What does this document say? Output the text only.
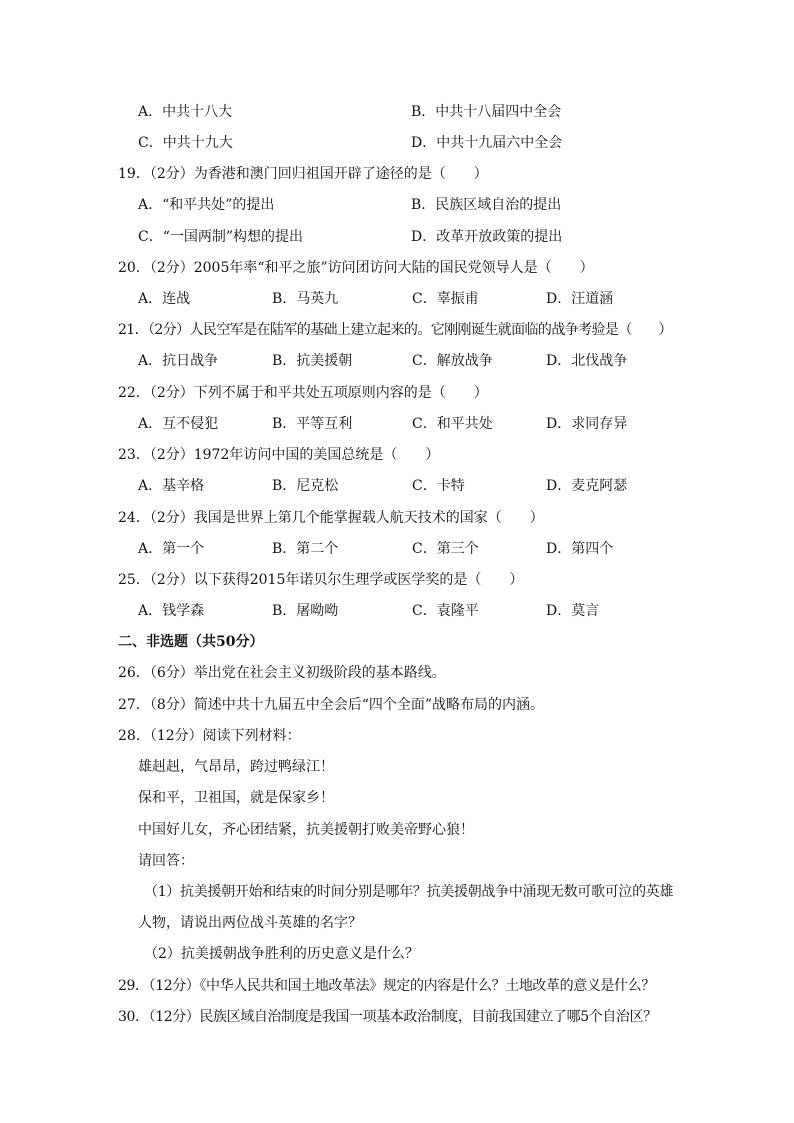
A．中共十八大	B．中共十八届四中全会
C．中共十九大	D．中共十九届六中全会
19．（2分）为香港和澳门回归祖国开辟了途径的是（　　）
A．“和平共处”的提出	B．民族区域自治的提出
C．“一国两制”构想的提出	D．改革开放政策的提出
20．（2分）2005年率“和平之旅”访问团访问大陆的国民党领导人是（　　）
A．连战	B．马英九	C．辜振甫	D．汪道涵
21．（2分）人民空军是在陆军的基础上建立起来的。它刚刚诞生就面临的战争考验是（　　）
A．抗日战争	B．抗美援朝	C．解放战争	D．北伐战争
22．（2分）下列不属于和平共处五项原则内容的是（　　）
A．互不侵犯	B．平等互利	C．和平共处	D．求同存异
23．（2分）1972年访问中国的美国总统是（　　）
A．基辛格	B．尼克松	C．卡特	D．麦克阿瑟
24．（2分）我国是世界上第几个能掌握载人航天技术的国家（　　）
A．第一个	B．第二个	C．第三个	D．第四个
25．（2分）以下获得2015年诺贝尔生理学或医学奖的是（　　）
A．钱学森	B．屠呦呦	C．袁隆平	D．莫言
二、非选题（共50分）
26．（6分）举出党在社会主义初级阶段的基本路线。
27．（8分）简述中共十九届五中全会后“四个全面”战略布局的内涵。
28．（12分）阅读下列材料：
雄赳赳，气昂昂，跨过鸭绿江！
保和平，卫祖国，就是保家乡！
中国好儿女，齐心团结紧，抗美援朝打败美帝野心狼！
请回答：
（1）抗美援朝开始和结束的时间分别是哪年？抗美援朝战争中涌现无数可歌可泣的英雄
人物，请说出两位战斗英雄的名字？
（2）抗美援朝战争胜利的历史意义是什么？
29．（12分）《中华人民共和国土地改革法》规定的内容是什么？土地改革的意义是什么？
30．（12分）民族区域自治制度是我国一项基本政治制度，目前我国建立了哪5个自治区？
